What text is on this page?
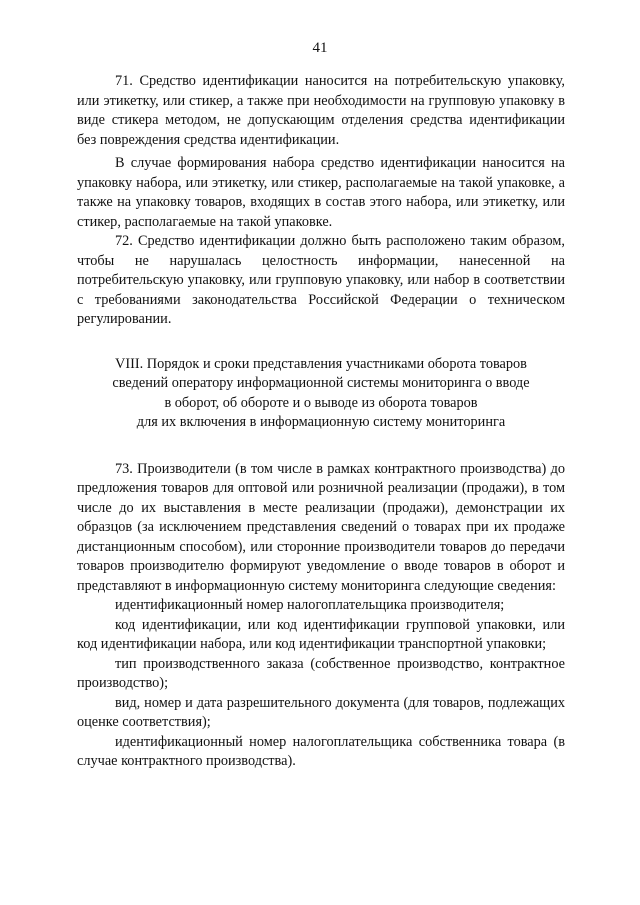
41

71. Средство идентификации наносится на потребительскую упаковку, или этикетку, или стикер, а также при необходимости на групповую упаковку в виде стикера методом, не допускающим отделения средства идентификации без повреждения средства идентификации.

В случае формирования набора средство идентификации наносится на упаковку набора, или этикетку, или стикер, располагаемые на такой упаковке, а также на упаковку товаров, входящих в состав этого набора, или этикетку, или стикер, располагаемые на такой упаковке.

72. Средство идентификации должно быть расположено таким образом, чтобы не нарушалась целостность информации, нанесенной на потребительскую упаковку, или групповую упаковку, или набор в соответствии с требованиями законодательства Российской Федерации о техническом регулировании.

VIII. Порядок и сроки представления участниками оборота товаров
сведений оператору информационной системы мониторинга о вводе
в оборот, об обороте и о выводе из оборота товаров
для их включения в информационную систему мониторинга

73. Производители (в том числе в рамках контрактного производства) до предложения товаров для оптовой или розничной реализации (продажи), в том числе до их выставления в месте реализации (продажи), демонстрации их образцов (за исключением представления сведений о товарах при их продаже дистанционным способом), или сторонние производители товаров до передачи товаров производителю формируют уведомление о вводе товаров в оборот и представляют в информационную систему мониторинга следующие сведения:

идентификационный номер налогоплательщика производителя;

код идентификации, или код идентификации групповой упаковки, или код идентификации набора, или код идентификации транспортной упаковки;

тип производственного заказа (собственное производство, контрактное производство);

вид, номер и дата разрешительного документа (для товаров, подлежащих оценке соответствия);

идентификационный номер налогоплательщика собственника товара (в случае контрактного производства).
